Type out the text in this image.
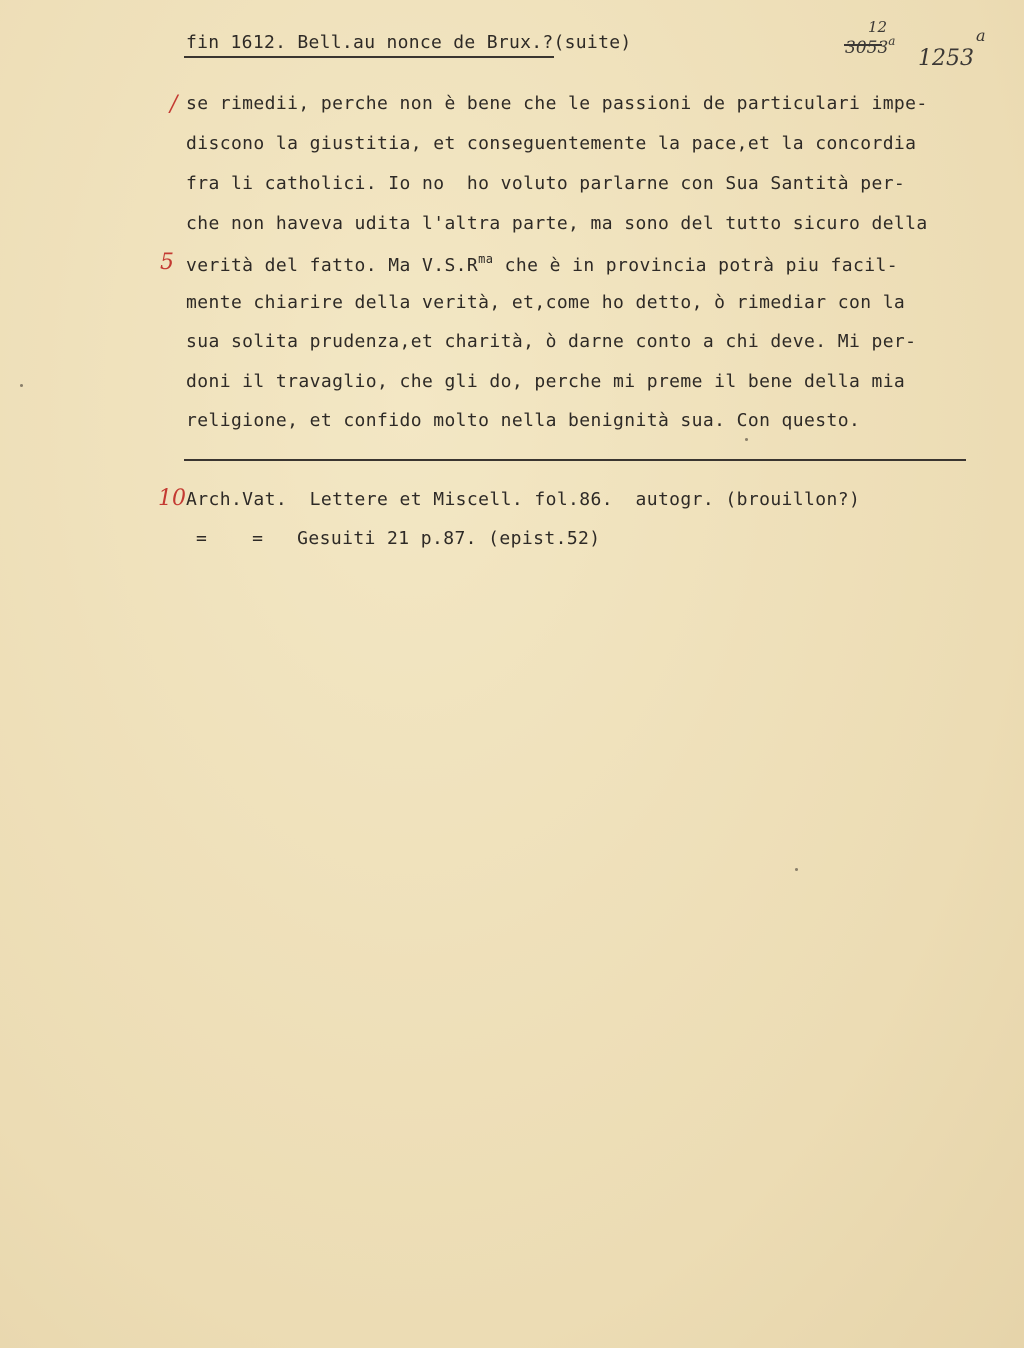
fin 1612. Bell.au nonce de Brux.?(suite)
12
3053$^a$
1253
a
/
5
10
se rimedii, perche non è bene che le passioni de particulari impe-
discono la giustitia, et conseguentemente la pace,et la concordia
fra li catholici. Io no  ho voluto parlarne con Sua Santità per-
che non haveva udita l'altra parte, ma sono del tutto sicuro della
verità del fatto. Ma $V.S.R^{ma}$ che è in provincia potrà piu facil-
mente chiarire della verità, et,come ho detto, ò rimediar con la
sua solita prudenza,et charità, ò darne conto a chi deve. Mi per-
doni il travaglio, che gli do, perche mi preme il bene della mia
religione, et confido molto nella benignità sua. Con questo.
Arch.Vat.  Lettere et Miscell. fol.86.  autogr. (brouillon?)
=    =   Gesuiti 21 p.87. (epist.52)
